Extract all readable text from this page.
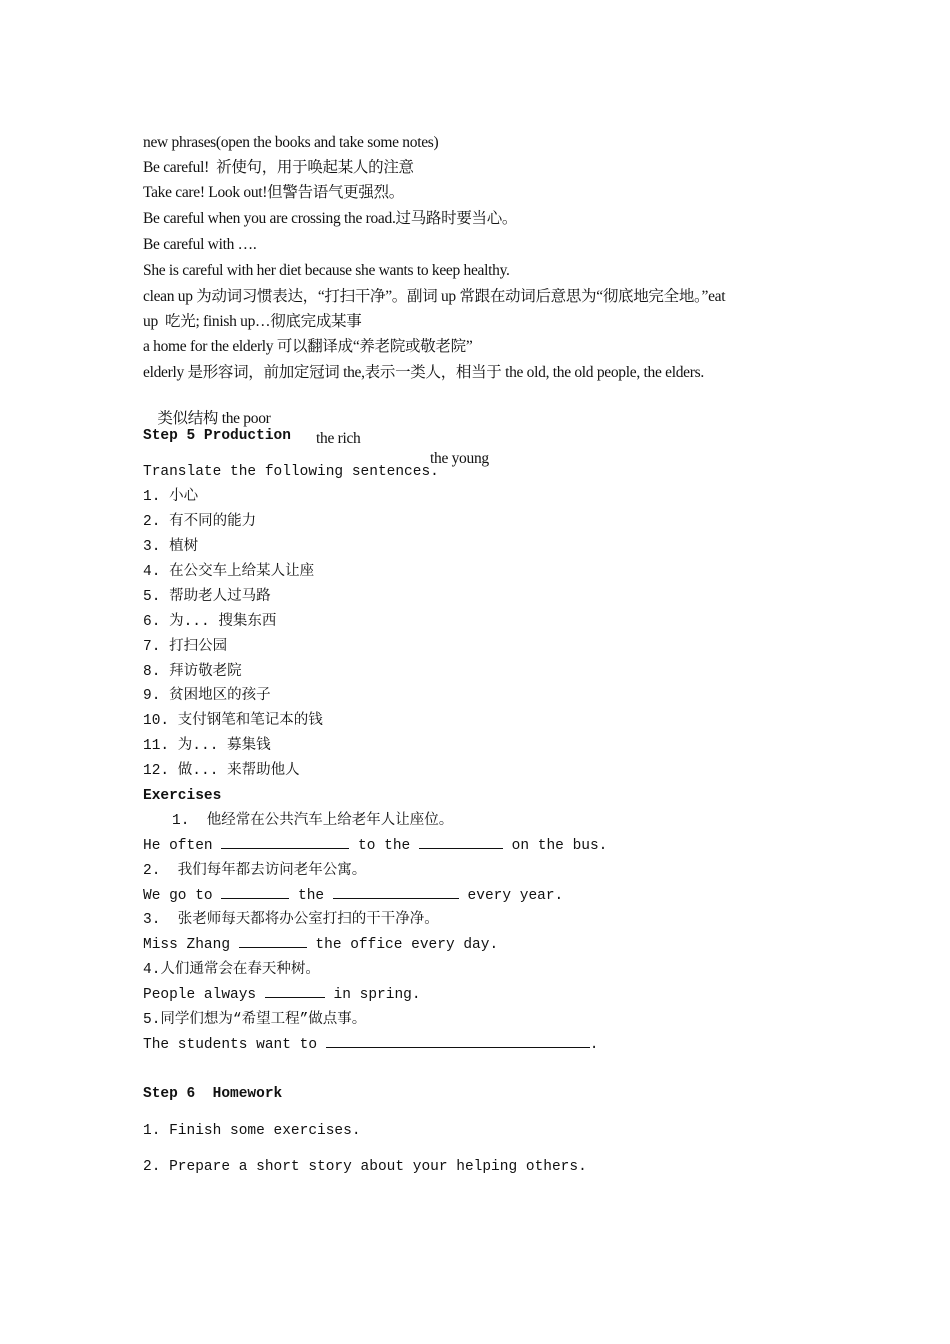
new phrases(open the books and take some notes)
Be careful!  祈使句，用于唤起某人的注意
Take care! Look out!但警告语气更强烈。
Be careful when you are crossing the road.过马路时要当心。
Be careful with ….
She is careful with her diet because she wants to keep healthy.
clean up 为动词习惯表达，“打扫干净”。副词 up 常跟在动词后意思为“彻底地完全地。”eat
up  吃光; finish up…彻底完成某事
a home for the elderly 可以翻译成“养老院或敬老院”
elderly 是形容词，前加定冠词 the,表示一类人，相当于 the old, the old people, the elders.

类似结构 the poor

the rich

the young

Step 5 Production
Translate the following sentences.
1. 小心
2. 有不同的能力
3. 植树
4. 在公交车上给某人让座
5. 帮助老人过马路
6. 为... 搜集东西
7. 打扫公园
8. 拜访敬老院
9. 贫困地区的孩子
10. 支付钢笔和笔记本的钱
11. 为... 募集钱
12. 做... 来帮助他人
Exercises
1.  他经常在公共汽车上给老年人让座位。
He often	to the	on the bus.
2.  我们每年都去访问老年公寓。
We go to	the	every year.
3.  张老师每天都将办公室打扫的干干净净。
Miss Zhang	the office every day.
4.人们通常会在春天种树。
People always	in spring.
5.同学们想为“希望工程”做点事。
The students want to	.
Step 6  Homework
1. Finish some exercises.
2. Prepare a short story about your helping others.
